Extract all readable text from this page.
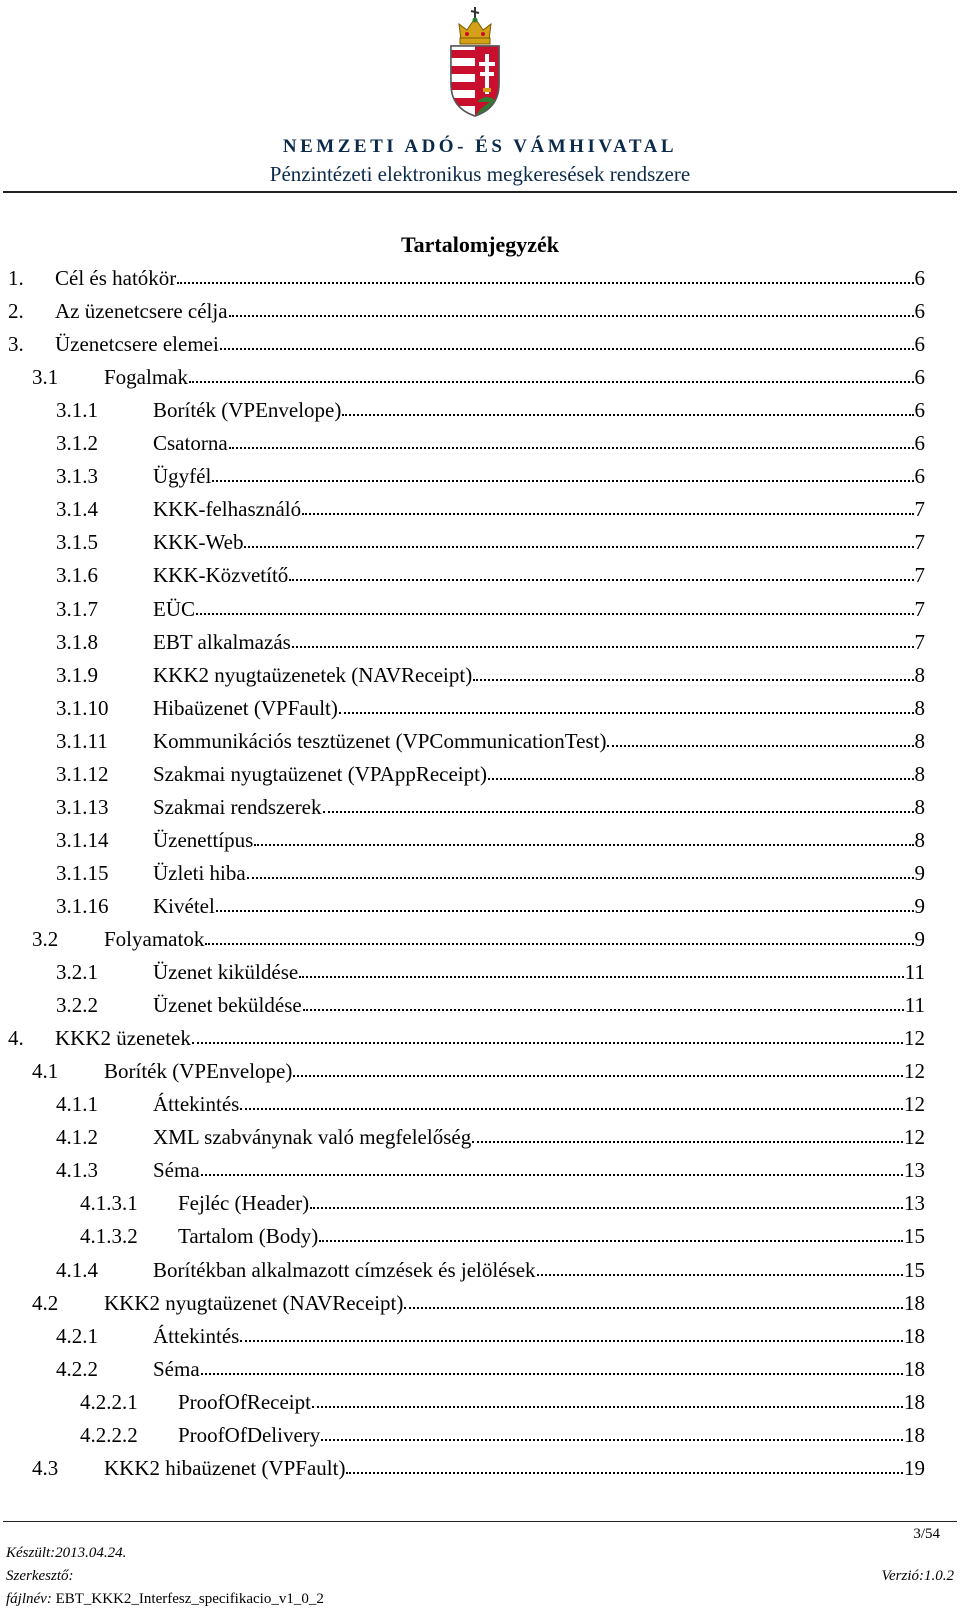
NEMZETI ADÓ- ÉS VÁMHIVATAL
Pénzintézeti elektronikus megkeresések rendszere
Tartalomjegyzék
1.	Cél és hatókör	6
2.	Az üzenetcsere célja	6
3.	Üzenetcsere elemei	6
3.1	Fogalmak	6
3.1.1	Boríték (VPEnvelope)	6
3.1.2	Csatorna	6
3.1.3	Ügyfél	6
3.1.4	KKK-felhasználó	7
3.1.5	KKK-Web	7
3.1.6	KKK-Közvetítő	7
3.1.7	EÜC	7
3.1.8	EBT alkalmazás	7
3.1.9	KKK2 nyugtaüzenetek (NAVReceipt)	8
3.1.10	Hibaüzenet (VPFault)	8
3.1.11	Kommunikációs tesztüzenet (VPCommunicationTest)	8
3.1.12	Szakmai nyugtaüzenet (VPAppReceipt)	8
3.1.13	Szakmai rendszerek	8
3.1.14	Üzenettípus	8
3.1.15	Üzleti hiba	9
3.1.16	Kivétel	9
3.2	Folyamatok	9
3.2.1	Üzenet kiküldése	11
3.2.2	Üzenet beküldése	11
4.	KKK2 üzenetek	12
4.1	Boríték (VPEnvelope)	12
4.1.1	Áttekintés	12
4.1.2	XML szabványnak való megfelelőség	12
4.1.3	Séma	13
4.1.3.1	Fejléc (Header)	13
4.1.3.2	Tartalom (Body)	15
4.1.4	Borítékban alkalmazott címzések és jelölések	15
4.2	KKK2 nyugtaüzenet (NAVReceipt)	18
4.2.1	Áttekintés	18
4.2.2	Séma	18
4.2.2.1	ProofOfReceipt	18
4.2.2.2	ProofOfDelivery	18
4.3	KKK2 hibaüzenet (VPFault)	19
3/54
Készült:2013.04.24.
Szerkesztő:	Verzió:1.0.2
fájlnév: EBT_KKK2_Interfesz_specifikacio_v1_0_2
